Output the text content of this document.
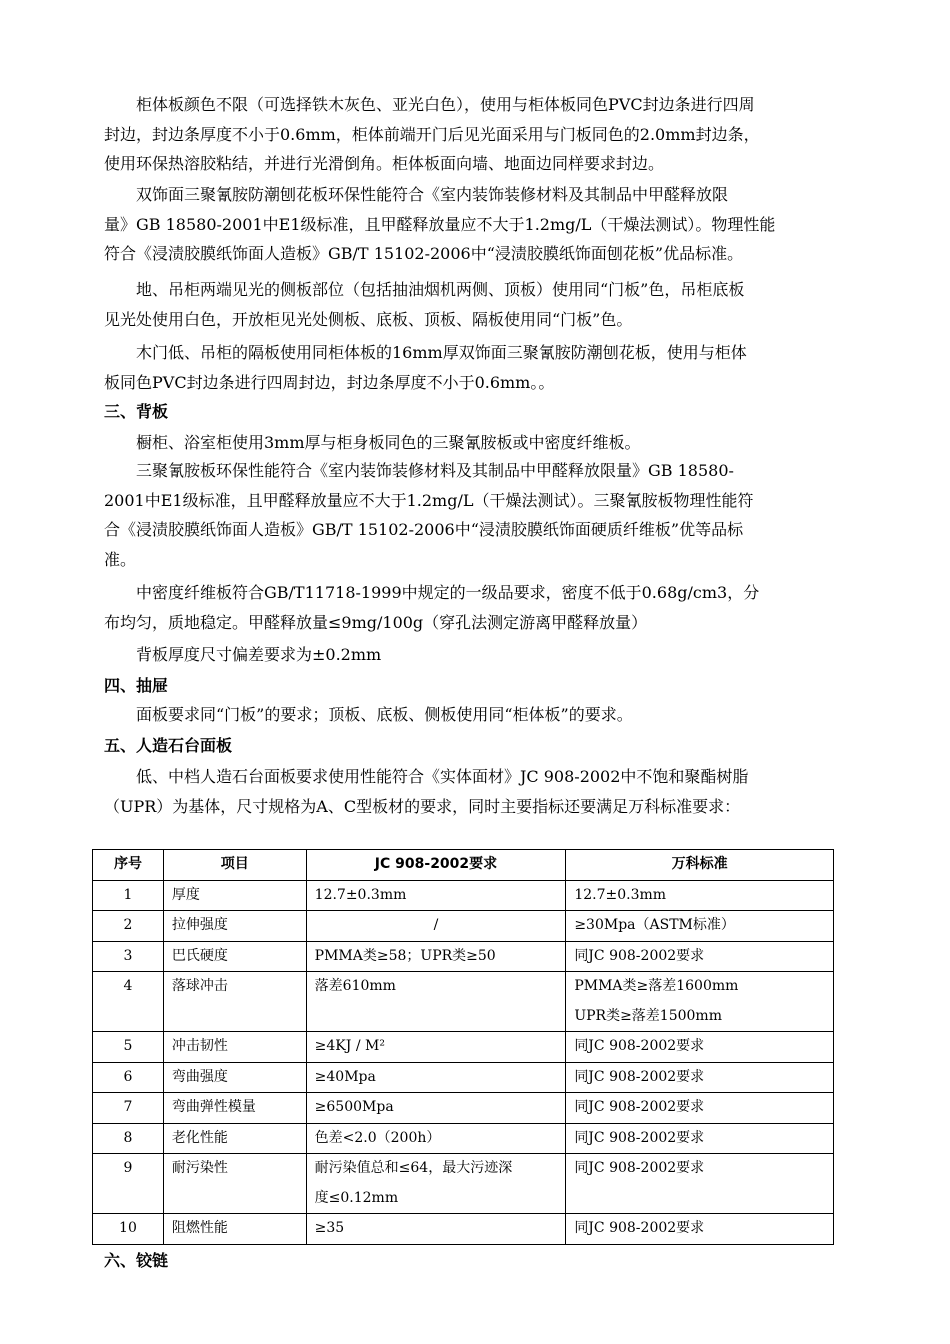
　　柜体板颜色不限（可选择铁木灰色、亚光白色），使用与柜体板同色PVC封边条进行四周
封边，封边条厚度不小于0.6mm，柜体前端开门后见光面采用与门板同色的2.0mm封边条，
使用环保热溶胶粘结，并进行光滑倒角。柜体板面向墙、地面边同样要求封边。
　　双饰面三聚氰胺防潮刨花板环保性能符合《室内装饰装修材料及其制品中甲醛释放限
量》GB 18580-2001中E1级标准，且甲醛释放量应不大于1.2mg/L（干燥法测试）。物理性能
符合《浸渍胶膜纸饰面人造板》GB/T 15102-2006中“浸渍胶膜纸饰面刨花板”优品标准。
　　地、吊柜两端见光的侧板部位（包括抽油烟机两侧、顶板）使用同“门板”色，吊柜底板
见光处使用白色，开放柜见光处侧板、底板、顶板、隔板使用同“门板”色。
　　木门低、吊柜的隔板使用同柜体板的16mm厚双饰面三聚氰胺防潮刨花板，使用与柜体
板同色PVC封边条进行四周封边，封边条厚度不小于0.6mm。。
三、背板
　　橱柜、浴室柜使用3mm厚与柜身板同色的三聚氰胺板或中密度纤维板。
　　三聚氰胺板环保性能符合《室内装饰装修材料及其制品中甲醛释放限量》GB 18580-
2001中E1级标准，且甲醛释放量应不大于1.2mg/L（干燥法测试）。三聚氰胺板物理性能符
合《浸渍胶膜纸饰面人造板》GB/T 15102-2006中“浸渍胶膜纸饰面硬质纤维板”优等品标
准。
　　中密度纤维板符合GB/T11718-1999中规定的一级品要求，密度不低于0.68g/cm3，分
布均匀，质地稳定。甲醛释放量≤9mg/100g（穿孔法测定游离甲醛释放量）
　　背板厚度尺寸偏差要求为±0.2mm
四、抽屉
　　面板要求同“门板”的要求；顶板、底板、侧板使用同“柜体板”的要求。
五、人造石台面板
　　低、中档人造石台面板要求使用性能符合《实体面材》JC 908-2002中不饱和聚酯树脂
（UPR）为基体，尺寸规格为A、C型板材的要求，同时主要指标还要满足万科标准要求：
序号	项目	JC 908-2002要求	万科标准
1	厚度	12.7±0.3mm	12.7±0.3mm
2	拉伸强度	/	≥30Mpa（ASTM标准）
3	巴氏硬度	PMMA类≥58；UPR类≥50	同JC 908-2002要求
4	落球冲击	落差610mm	PMMA类≥落差1600mm
UPR类≥落差1500mm

5	冲击韧性	≥4KJ / M²	同JC 908-2002要求
6	弯曲强度	≥40Mpa	同JC 908-2002要求
7	弯曲弹性模量	≥6500Mpa	同JC 908-2002要求
8	老化性能	色差<2.0（200h）	同JC 908-2002要求
9	耐污染性	耐污染值总和≤64，最大污迹深
度≤0.12mm	同JC 908-2002要求
10	阻燃性能	≥35	同JC 908-2002要求
六、铰链
